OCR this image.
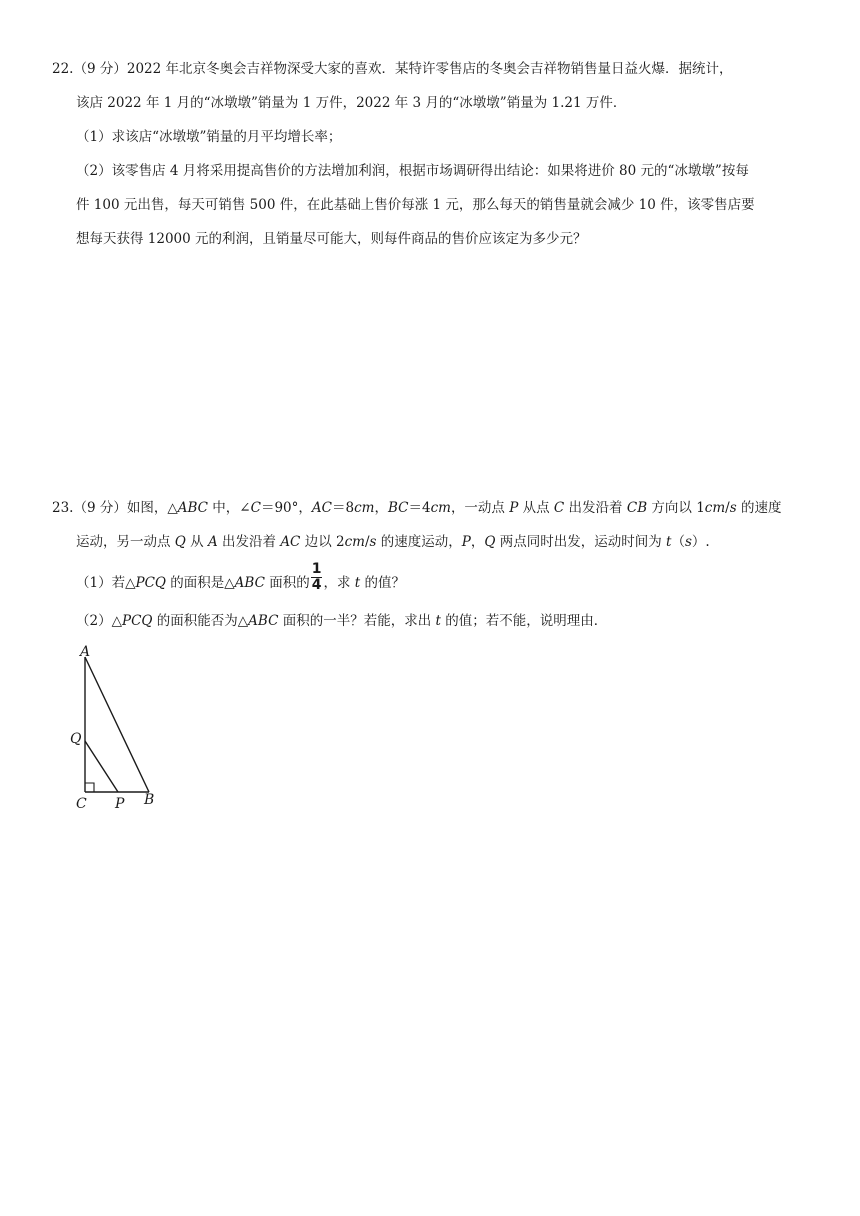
22.（9 分）2022 年北京冬奥会吉祥物深受大家的喜欢．某特许零售店的冬奥会吉祥物销售量日益火爆．据统计，
该店 2022 年 1 月的“冰墩墩”销量为 1 万件，2022 年 3 月的“冰墩墩”销量为 1.21 万件．
（1）求该店“冰墩墩”销量的月平均增长率；
（2）该零售店 4 月将采用提高售价的方法增加利润，根据市场调研得出结论：如果将进价 80 元的“冰墩墩”按每
件 100 元出售，每天可销售 500 件，在此基础上售价每涨 1 元，那么每天的销售量就会减少 10 件，该零售店要
想每天获得 12000 元的利润，且销量尽可能大，则每件商品的售价应该定为多少元？
23.（9 分）如图，△ABC 中，∠C＝90°，AC＝8cm，BC＝4cm，一动点 P 从点 C 出发沿着 CB 方向以 1cm/s 的速度
运动，另一动点 Q 从 A 出发沿着 AC 边以 2cm/s 的速度运动，P，Q 两点同时出发，运动时间为 t（s）.
（1）若△PCQ 的面积是△ABC 面积的 $\frac{1}{4}$ ，求 t 的值？
（2）△PCQ 的面积能否为△ABC 面积的一半？若能，求出 t 的值；若不能，说明理由．
A
Q
C P B
